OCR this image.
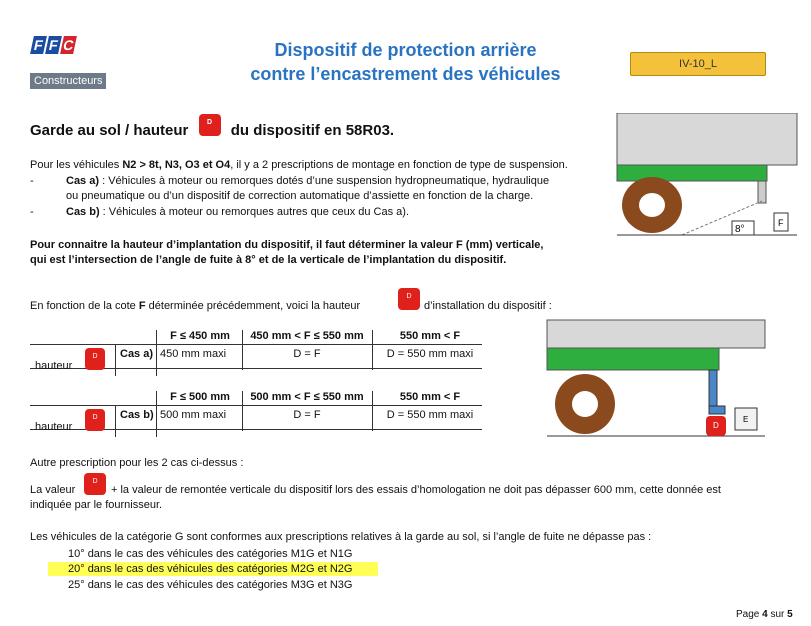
F F C
Constructeurs
Dispositif de protection arrière
contre l’encastrement des véhicules	IV-10_L
Garde au sol / hauteur	D du dispositif en 58R03.
Pour les véhicules N2 > 8t, N3, O3 et O4, il y a 2 prescriptions de montage en fonction de type de suspension.
-	Cas a) : Véhicules à moteur ou remorques dotés d’une suspension hydropneumatique, hydraulique
ou pneumatique ou d’un dispositif de correction automatique d’assiette en fonction de la charge.
-	Cas b) : Véhicules à moteur ou remorques autres que ceux du Cas a).
Pour connaitre la hauteur d’implantation du dispositif, il faut déterminer la valeur F (mm) verticale,
qui est l’intersection de l’angle de fuite à 8° et de la verticale de l’implantation du dispositif.
En fonction de la cote F déterminée précédemment, voici la hauteur
D
d’installation du dispositif :
F ≤ 450 mm	450 mm < F ≤ 550 mm	550 mm < F
hauteur
D	Cas a) 450 mm maxi	D = F	D = 550 mm maxi
F ≤ 500 mm	500 mm < F ≤ 550 mm	550 mm < F
hauteur
D	Cas b) 500 mm maxi	D = F	D = 550 mm maxi
Autre prescription pour les 2 cas ci-dessus :
La valeur
D
+ la valeur de remontée verticale du dispositif lors des essais d’homologation ne doit pas dépasser 600 mm, cette donnée est
indiquée par le fournisseur.
Les véhicules de la catégorie G sont conformes aux prescriptions relatives à la garde au sol, si l’angle de fuite ne dépasse pas :
10° dans le cas des véhicules des catégories M1G et N1G
20° dans le cas des véhicules des catégories M2G et N2G
25° dans le cas des véhicules des catégories M3G et N3G
Page 4 sur 5
8°
F
D
E
